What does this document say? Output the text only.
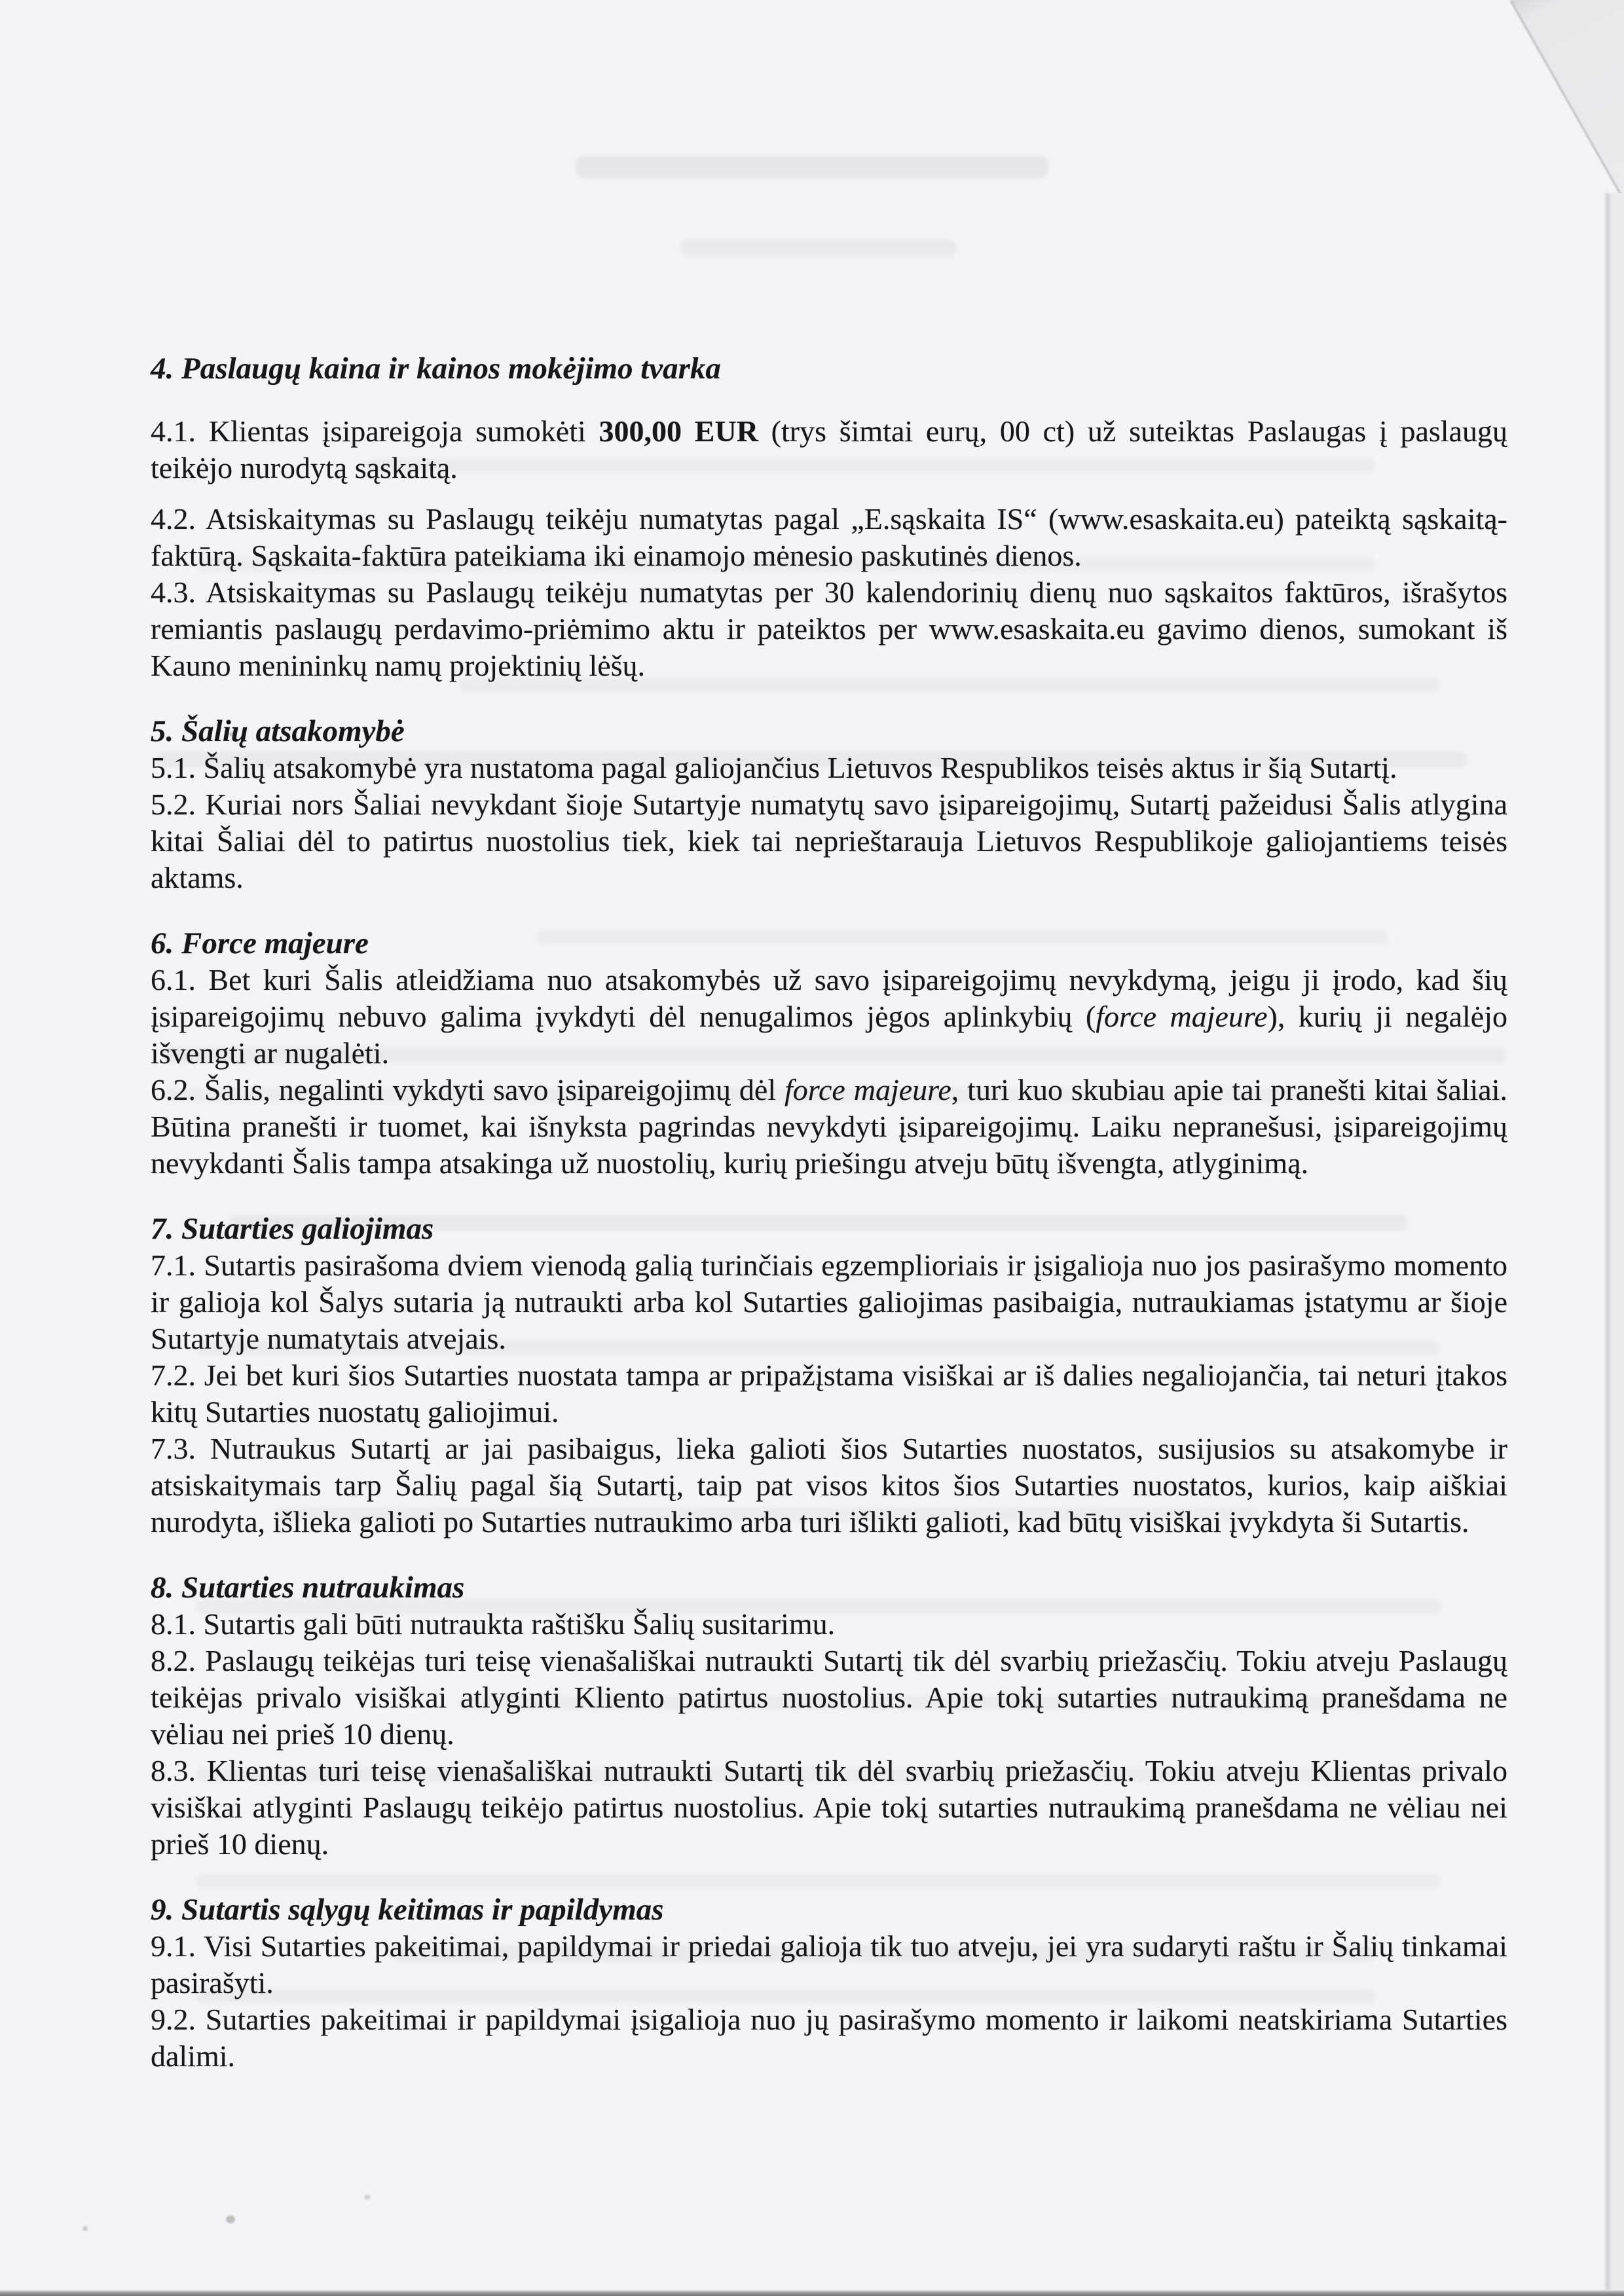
4. Paslaugų kaina ir kainos mokėjimo tvarka

4.1. Klientas įsipareigoja sumokėti 300,00 EUR (trys šimtai eurų, 00 ct) už suteiktas Paslaugas į paslaugų teikėjo nurodytą sąskaitą.

4.2. Atsiskaitymas su Paslaugų teikėju numatytas pagal „E.sąskaita IS“ (www.esaskaita.eu) pateiktą sąskaitą-faktūrą. Sąskaita-faktūra pateikiama iki einamojo mėnesio paskutinės dienos.

4.3. Atsiskaitymas su Paslaugų teikėju numatytas per 30 kalendorinių dienų nuo sąskaitos faktūros, išrašytos remiantis paslaugų perdavimo-priėmimo aktu ir pateiktos per www.esaskaita.eu gavimo dienos, sumokant iš Kauno menininkų namų projektinių lėšų.

5. Šalių atsakomybė

5.1. Šalių atsakomybė yra nustatoma pagal galiojančius Lietuvos Respublikos teisės aktus ir šią Sutartį.

5.2. Kuriai nors Šaliai nevykdant šioje Sutartyje numatytų savo įsipareigojimų, Sutartį pažeidusi Šalis atlygina kitai Šaliai dėl to patirtus nuostolius tiek, kiek tai neprieštarauja Lietuvos Respublikoje galiojantiems teisės aktams.

6. Force majeure

6.1. Bet kuri Šalis atleidžiama nuo atsakomybės už savo įsipareigojimų nevykdymą, jeigu ji įrodo, kad šių įsipareigojimų nebuvo galima įvykdyti dėl nenugalimos jėgos aplinkybių (force majeure), kurių ji negalėjo išvengti ar nugalėti.

6.2. Šalis, negalinti vykdyti savo įsipareigojimų dėl force majeure, turi kuo skubiau apie tai pranešti kitai šaliai. Būtina pranešti ir tuomet, kai išnyksta pagrindas nevykdyti įsipareigojimų. Laiku nepranešusi, įsipareigojimų nevykdanti Šalis tampa atsakinga už nuostolių, kurių priešingu atveju būtų išvengta, atlyginimą.

7. Sutarties galiojimas

7.1. Sutartis pasirašoma dviem vienodą galią turinčiais egzemplioriais ir įsigalioja nuo jos pasirašymo momento ir galioja kol Šalys sutaria ją nutraukti arba kol Sutarties galiojimas pasibaigia, nutraukiamas įstatymu ar šioje Sutartyje numatytais atvejais.

7.2. Jei bet kuri šios Sutarties nuostata tampa ar pripažįstama visiškai ar iš dalies negaliojančia, tai neturi įtakos kitų Sutarties nuostatų galiojimui.

7.3. Nutraukus Sutartį ar jai pasibaigus, lieka galioti šios Sutarties nuostatos, susijusios su atsakomybe ir atsiskaitymais tarp Šalių pagal šią Sutartį, taip pat visos kitos šios Sutarties nuostatos, kurios, kaip aiškiai nurodyta, išlieka galioti po Sutarties nutraukimo arba turi išlikti galioti, kad būtų visiškai įvykdyta ši Sutartis.

8. Sutarties nutraukimas

8.1. Sutartis gali būti nutraukta raštišku Šalių susitarimu.

8.2. Paslaugų teikėjas turi teisę vienašališkai nutraukti Sutartį tik dėl svarbių priežasčių. Tokiu atveju Paslaugų teikėjas privalo visiškai atlyginti Kliento patirtus nuostolius. Apie tokį sutarties nutraukimą pranešdama ne vėliau nei prieš 10 dienų.

8.3. Klientas turi teisę vienašališkai nutraukti Sutartį tik dėl svarbių priežasčių. Tokiu atveju Klientas privalo visiškai atlyginti Paslaugų teikėjo patirtus nuostolius. Apie tokį sutarties nutraukimą pranešdama ne vėliau nei prieš 10 dienų.

9. Sutartis sąlygų keitimas ir papildymas

9.1. Visi Sutarties pakeitimai, papildymai ir priedai galioja tik tuo atveju, jei yra sudaryti raštu ir Šalių tinkamai pasirašyti.

9.2. Sutarties pakeitimai ir papildymai įsigalioja nuo jų pasirašymo momento ir laikomi neatskiriama Sutarties dalimi.
